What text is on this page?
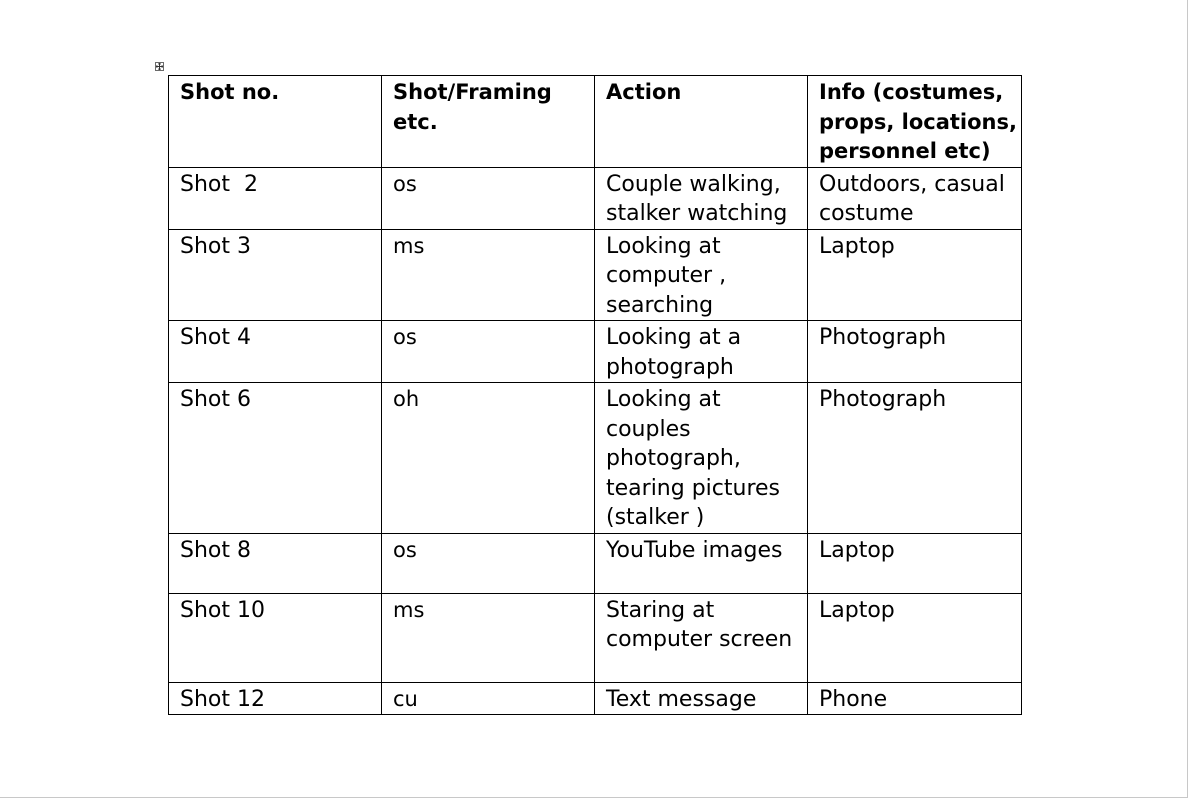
Shot no.	Shot/Framing etc.	Action	Info (costumes, props, locations, personnel etc)
Shot  2	os	Couple walking, stalker watching	Outdoors, casual costume
Shot 3	ms	Looking at computer , searching	Laptop
Shot 4	os	Looking at a photograph	Photograph
Shot 6	oh	Looking at couples photograph, tearing pictures (stalker )	Photograph
Shot 8	os	YouTube images	Laptop
Shot 10	ms	Staring at computer screen	Laptop
Shot 12	cu	Text message	Phone
